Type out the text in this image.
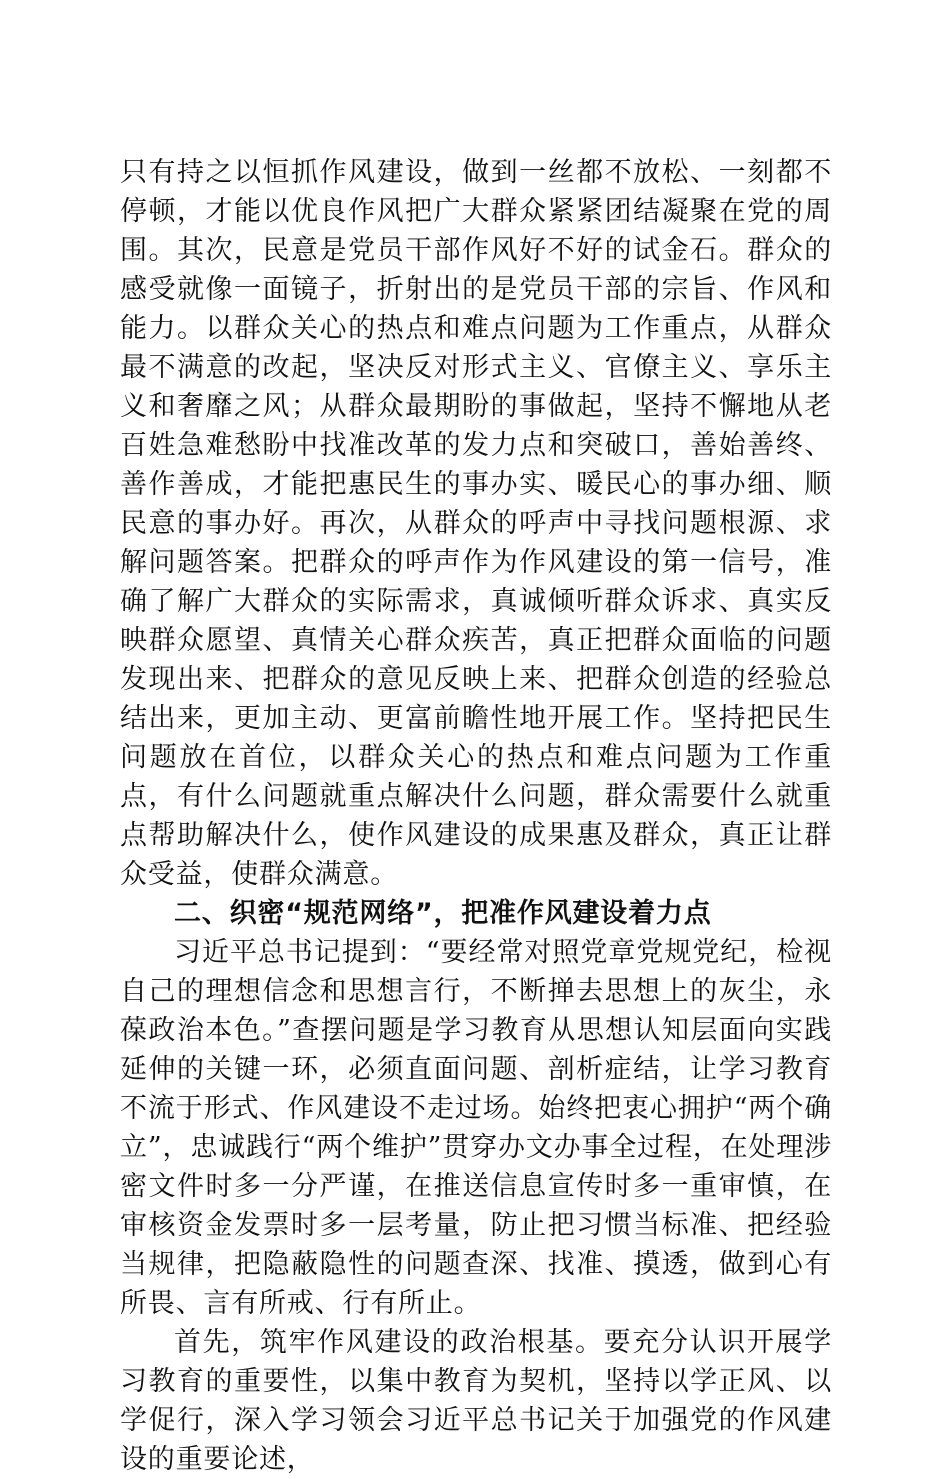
只有持之以恒抓作风建设，做到一丝都不放松、一刻都不停顿，才能以优良作风把广大群众紧紧团结凝聚在党的周围。其次，民意是党员干部作风好不好的试金石。群众的感受就像一面镜子，折射出的是党员干部的宗旨、作风和能力。以群众关心的热点和难点问题为工作重点，从群众最不满意的改起，坚决反对形式主义、官僚主义、享乐主义和奢靡之风；从群众最期盼的事做起，坚持不懈地从老百姓急难愁盼中找准改革的发力点和突破口，善始善终、善作善成，才能把惠民生的事办实、暖民心的事办细、顺民意的事办好。再次，从群众的呼声中寻找问题根源、求解问题答案。把群众的呼声作为作风建设的第一信号，准确了解广大群众的实际需求，真诚倾听群众诉求、真实反映群众愿望、真情关心群众疾苦，真正把群众面临的问题发现出来、把群众的意见反映上来、把群众创造的经验总结出来，更加主动、更富前瞻性地开展工作。坚持把民生问题放在首位，以群众关心的热点和难点问题为工作重点，有什么问题就重点解决什么问题，群众需要什么就重点帮助解决什么，使作风建设的成果惠及群众，真正让群众受益，使群众满意。

二、织密“规范网络”，把准作风建设着力点

习近平总书记提到：“要经常对照党章党规党纪，检视自己的理想信念和思想言行，不断掸去思想上的灰尘，永葆政治本色。”查摆问题是学习教育从思想认知层面向实践延伸的关键一环，必须直面问题、剖析症结，让学习教育不流于形式、作风建设不走过场。始终把衷心拥护“两个确立”，忠诚践行“两个维护”贯穿办文办事全过程，在处理涉密文件时多一分严谨，在推送信息宣传时多一重审慎，在审核资金发票时多一层考量，防止把习惯当标准、把经验当规律，把隐蔽隐性的问题查深、找准、摸透，做到心有所畏、言有所戒、行有所止。

首先，筑牢作风建设的政治根基。要充分认识开展学习教育的重要性，以集中教育为契机，坚持以学正风、以学促行，深入学习领会习近平总书记关于加强党的作风建设的重要论述，
